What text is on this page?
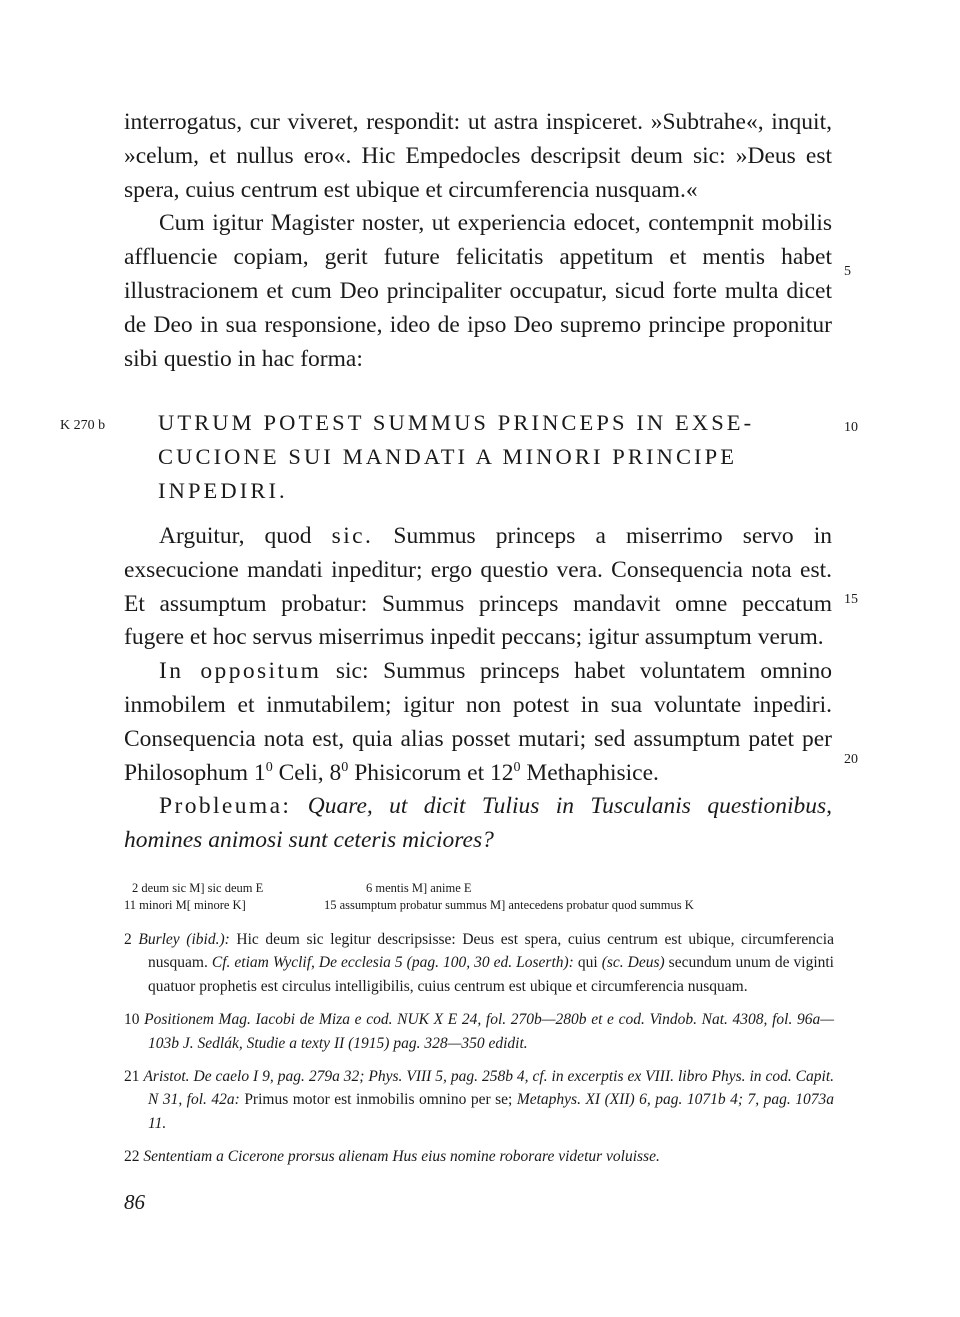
interrogatus, cur viveret, respondit: ut astra inspiceret. »Subtrahe«, inquit, »celum, et nullus ero«. Hic Empedocles descripsit deum sic: »Deus est spera, cuius centrum est ubique et circumferencia nusquam.«

Cum igitur Magister noster, ut experiencia edocet, contempnit mobilis affluencie copiam, gerit future felicitatis appetitum et mentis habet illustracionem et cum Deo principaliter occupatur, sicud forte multa dicet de Deo in sua responsione, ideo de ipso Deo supremo principe proponitur sibi questio in hac forma:

5
K 270 b UTRUM POTEST SUMMUS PRINCEPS IN EXSE-
CUCIONE SUI MANDATI A MINORI PRINCIPE
INPEDIRI.
10

Arguitur, quod sic. Summus princeps a miserrimo servo in exsecucione mandati inpeditur; ergo questio vera. Consequencia nota est. Et assumptum probatur: Summus princeps mandavit omne peccatum fugere et hoc servus miserrimus inpedit peccans; igitur assumptum verum.

In oppositum sic: Summus princeps habet voluntatem omnino inmobilem et inmutabilem; igitur non potest in sua voluntate inpediri. Consequencia nota est, quia alias posset mutari; sed assumptum patet per Philosophum $1^0$ Celi, $8^0$ Phisicorum et $12^0$ Methaphisice.

Probleuma: Quare, ut dicit Tulius in Tusculanis questionibus, homines animosi sunt ceteris miciores?

15
20
2 deum sic M] sic deum E	6 mentis M] anime E
11 minori M[ minore K]	15 assumptum probatur summus M] antecedens probatur quod summus K

2 Burley (ibid.): Hic deum sic legitur descripsisse: Deus est spera, cuius centrum est ubique, circumferencia nusquam. Cf. etiam Wyclif, De ecclesia 5 (pag. 100, 30 ed. Loserth): qui (sc. Deus) secundum unum de viginti quatuor prophetis est circulus intelligibilis, cuius centrum est ubique et circumferencia nusquam.

10 Positionem Mag. Iacobi de Miza e cod. NUK X E 24, fol. 270b—280b et e cod. Vindob. Nat. 4308, fol. 96a—103b J. Sedlák, Studie a texty II (1915) pag. 328—350 edidit.

21 Aristot. De caelo I 9, pag. 279a 32; Phys. VIII 5, pag. 258b 4, cf. in excerptis ex VIII. libro Phys. in cod. Capit. N 31, fol. 42a: Primus motor est inmobilis omnino per se; Metaphys. XI (XII) 6, pag. 1071b 4; 7, pag. 1073a 11.

22 Sententiam a Cicerone prorsus alienam Hus eius nomine roborare videtur voluisse.

86
